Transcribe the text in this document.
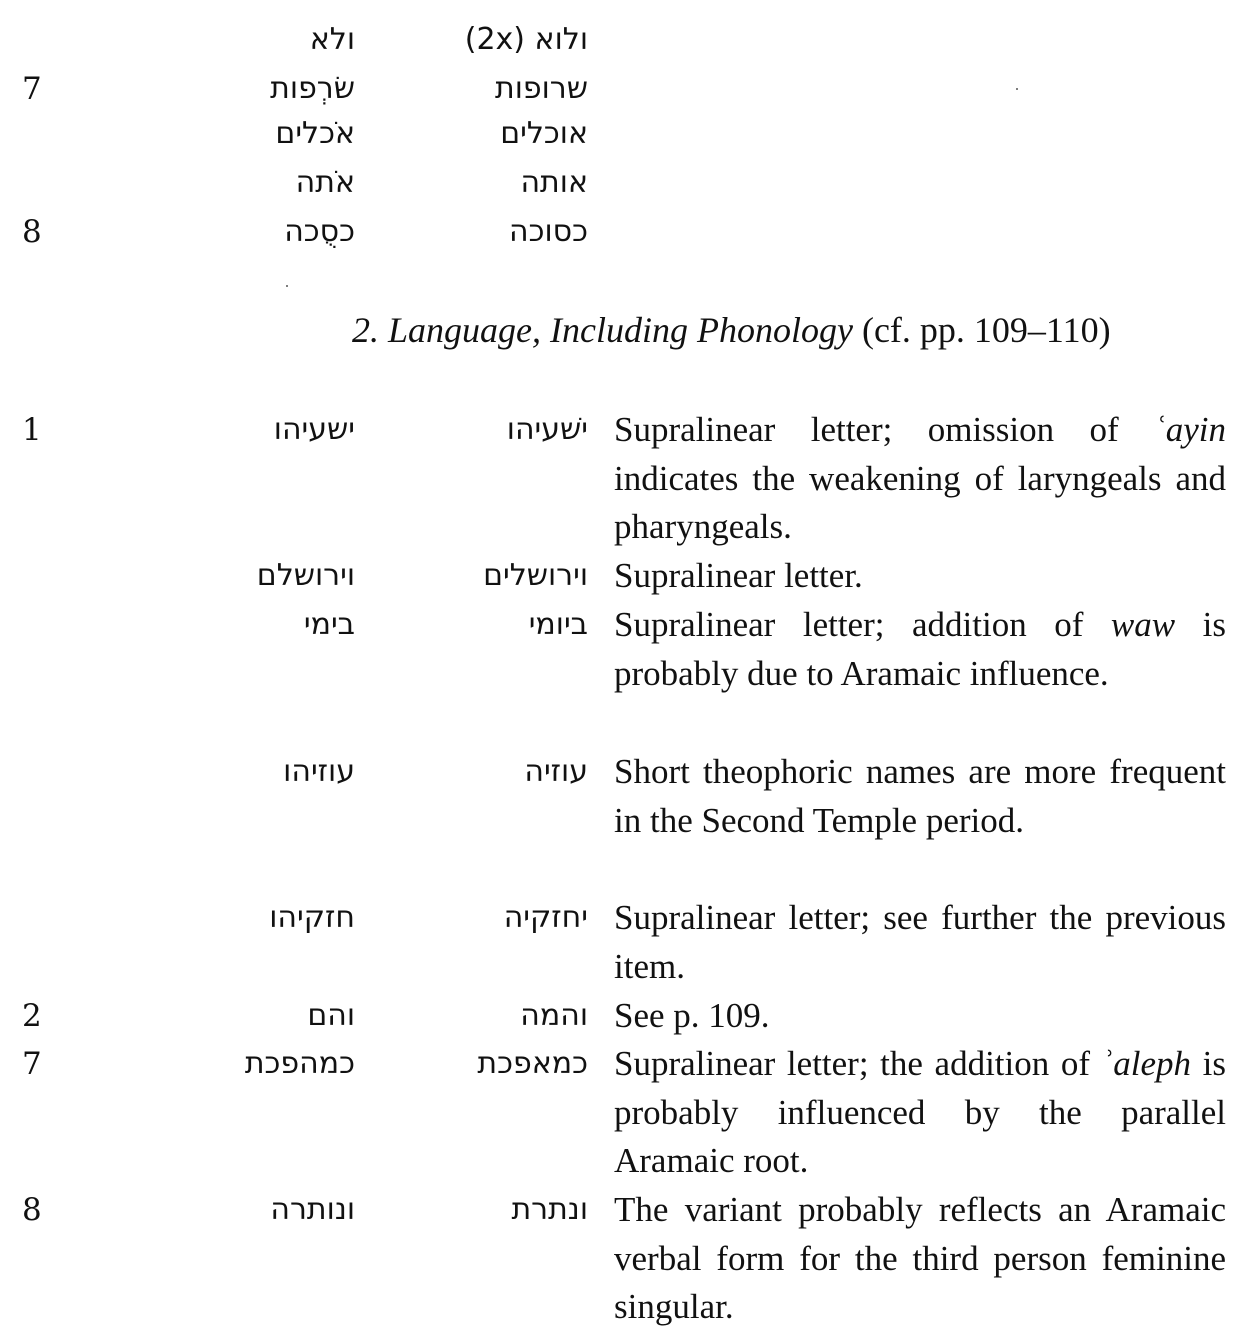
ולא	ולוא (2x)
7	שׂרְפות	שרופות
אֹכלים	אוכלים
אֹתה	אותה
8	כסֻכה	כסוכה
2. Language, Including Phonology (cf. pp. 109–110)
1	ישעיהו	ישׁ‍עיהו Supralinear letter; omission of ʿayin indicates the weakening of laryngeals and pharyngeals.
וירושלם	וירושלים Supralinear letter.
בימי	ביומי Supralinear letter; addition of waw is probably due to Aramaic influence.
עוזיהו	עוזיה Short theophoric names are more frequent in the Second Temple period.
חזקיהו	יחזקיה Supralinear letter; see further the previous item.
2	והם	והמה See p. 109.
7	כמהפכת	כמאפכת Supralinear letter; the addition of ʾaleph is probably influenced by the parallel Aramaic root.
8	ונותרה	ונתרת The variant probably reflects an Aramaic verbal form for the third person feminine singular.
